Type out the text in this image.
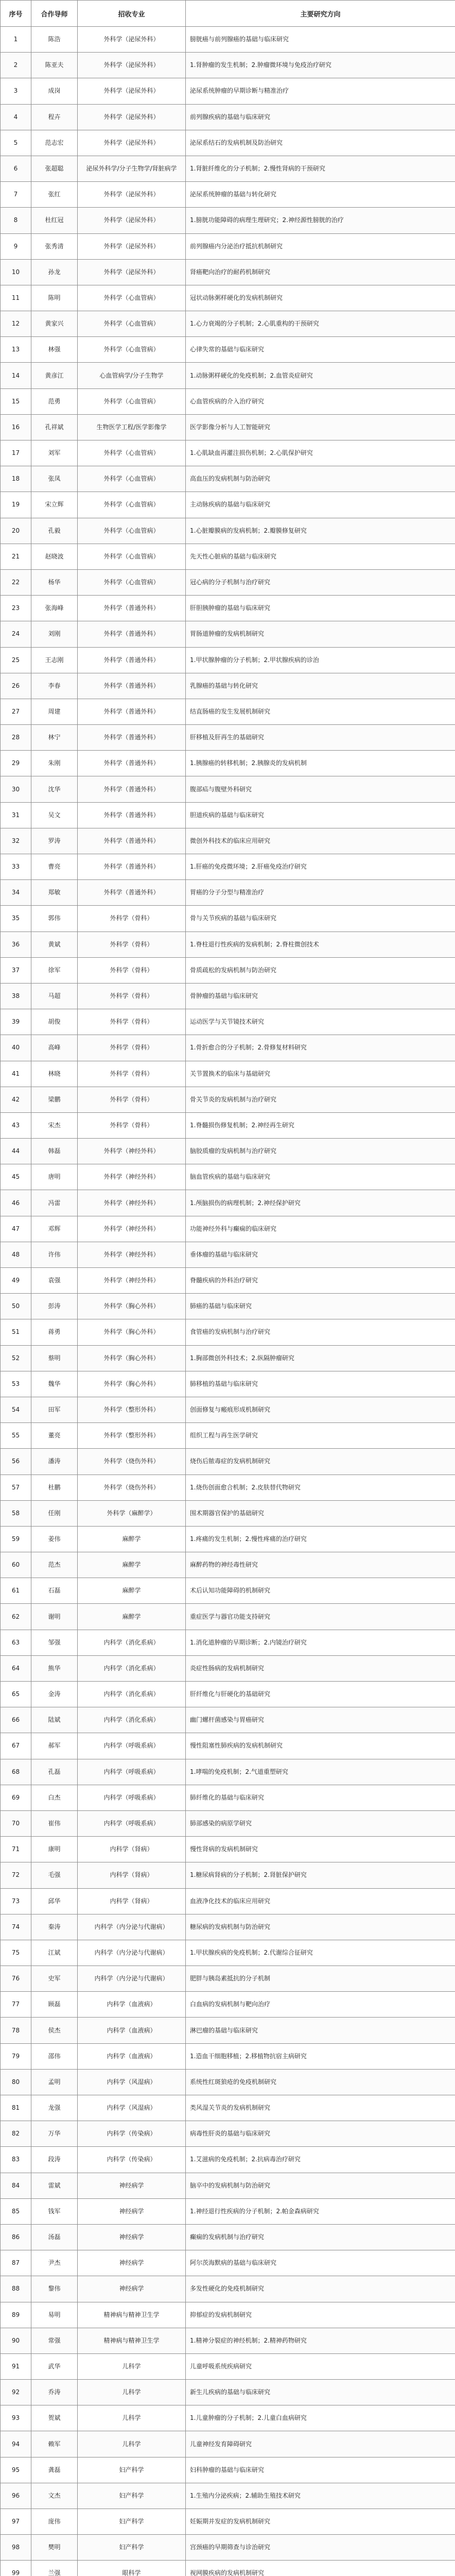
序号	合作导师	招收专业	主要研究方向
1	陈浩	外科学（泌尿外科）	膀胱癌与前列腺癌的基础与临床研究
2	陈亚夫	外科学（泌尿外科）	1.肾肿瘤的发生机制；2.肿瘤微环境与免疫治疗研究
3	成岗	外科学（泌尿外科）	泌尿系统肿瘤的早期诊断与精准治疗
4	程卉	外科学（泌尿外科）	前列腺疾病的基础与临床研究
5	范志宏	外科学（泌尿外科）	泌尿系结石的发病机制及防治研究
6	张超聪	泌尿外科学/分子生物学/肾脏病学	1.肾脏纤维化的分子机制；2.慢性肾病的干预研究
7	张红	外科学（泌尿外科）	泌尿系统肿瘤的基础与转化研究
8	杜红冠	外科学（泌尿外科）	1.膀胱功能障碍的病理生理研究；2.神经源性膀胱的治疗
9	张秀清	外科学（泌尿外科）	前列腺癌内分泌治疗抵抗机制研究
10	孙龙	外科学（泌尿外科）	肾癌靶向治疗的耐药机制研究
11	陈明	外科学（心血管病）	冠状动脉粥样硬化的发病机制研究
12	黄家兴	外科学（心血管病）	1.心力衰竭的分子机制；2.心肌重构的干预研究
13	林强	外科学（心血管病）	心律失常的基础与临床研究
14	黄彦江	心血管病学/分子生物学	1.动脉粥样硬化的免疫机制；2.血管炎症研究
15	范勇	外科学（心血管病）	心血管疾病的介入治疗研究
16	孔祥斌	生物医学工程/医学影像学	医学影像分析与人工智能研究
17	刘军	外科学（心血管病）	1.心肌缺血再灌注损伤机制；2.心肌保护研究
18	张凤	外科学（心血管病）	高血压的发病机制与防治研究
19	宋立辉	外科学（心血管病）	主动脉疾病的基础与临床研究
20	孔毅	外科学（心血管病）	1.心脏瓣膜病的发病机制；2.瓣膜修复研究
21	赵晓波	外科学（心血管病）	先天性心脏病的基础与临床研究
22	杨华	外科学（心血管病）	冠心病的分子机制与治疗研究
23	张海峰	外科学（普通外科）	肝胆胰肿瘤的基础与临床研究
24	刘刚	外科学（普通外科）	胃肠道肿瘤的发病机制研究
25	王志刚	外科学（普通外科）	1.甲状腺肿瘤的分子机制；2.甲状腺疾病的诊治
26	李春	外科学（普通外科）	乳腺癌的基础与转化研究
27	周建	外科学（普通外科）	结直肠癌的发生发展机制研究
28	林宁	外科学（普通外科）	肝移植及肝再生的基础研究
29	朱刚	外科学（普通外科）	1.胰腺癌的转移机制；2.胰腺炎的发病机制
30	沈华	外科学（普通外科）	腹部疝与腹壁外科研究
31	吴文	外科学（普通外科）	胆道疾病的基础与临床研究
32	罗涛	外科学（普通外科）	微创外科技术的临床应用研究
33	曹亮	外科学（普通外科）	1.肝癌的免疫微环境；2.肝癌免疫治疗研究
34	郑敏	外科学（普通外科）	胃癌的分子分型与精准治疗
35	郭伟	外科学（骨科）	骨与关节疾病的基础与临床研究
36	黄斌	外科学（骨科）	1.脊柱退行性疾病的发病机制；2.脊柱微创技术
37	徐军	外科学（骨科）	骨质疏松的发病机制与防治研究
38	马超	外科学（骨科）	骨肿瘤的基础与临床研究
39	胡俊	外科学（骨科）	运动医学与关节镜技术研究
40	高峰	外科学（骨科）	1.骨折愈合的分子机制；2.骨修复材料研究
41	林晓	外科学（骨科）	关节置换术的临床与基础研究
42	梁鹏	外科学（骨科）	骨关节炎的发病机制与治疗研究
43	宋杰	外科学（骨科）	1.脊髓损伤修复机制；2.神经再生研究
44	韩磊	外科学（神经外科）	脑胶质瘤的发病机制与治疗研究
45	唐明	外科学（神经外科）	脑血管疾病的基础与临床研究
46	冯雷	外科学（神经外科）	1.颅脑损伤的病理机制；2.神经保护研究
47	邓辉	外科学（神经外科）	功能神经外科与癫痫的临床研究
48	许伟	外科学（神经外科）	垂体瘤的基础与临床研究
49	袁强	外科学（神经外科）	脊髓疾病的外科治疗研究
50	彭涛	外科学（胸心外科）	肺癌的基础与临床研究
51	蒋勇	外科学（胸心外科）	食管癌的发病机制与治疗研究
52	蔡明	外科学（胸心外科）	1.胸部微创外科技术；2.纵隔肿瘤研究
53	魏华	外科学（胸心外科）	肺移植的基础与临床研究
54	田军	外科学（整形外科）	创面修复与瘢痕形成机制研究
55	董亮	外科学（整形外科）	组织工程与再生医学研究
56	潘涛	外科学（烧伤外科）	烧伤后脓毒症的发病机制研究
57	杜鹏	外科学（烧伤外科）	1.烧伤创面愈合机制；2.皮肤替代物研究
58	任刚	外科学（麻醉学）	围术期器官保护的基础研究
59	姜伟	麻醉学	1.疼痛的发生机制；2.慢性疼痛的治疗研究
60	范杰	麻醉学	麻醉药物的神经毒性研究
61	石磊	麻醉学	术后认知功能障碍的机制研究
62	谢明	麻醉学	重症医学与器官功能支持研究
63	邹强	内科学（消化系病）	1.消化道肿瘤的早期诊断；2.内镜治疗研究
64	熊华	内科学（消化系病）	炎症性肠病的发病机制研究
65	金涛	内科学（消化系病）	肝纤维化与肝硬化的基础研究
66	陆斌	内科学（消化系病）	幽门螺杆菌感染与胃癌研究
67	郝军	内科学（呼吸系病）	慢性阻塞性肺疾病的发病机制研究
68	孔磊	内科学（呼吸系病）	1.哮喘的免疫机制；2.气道重塑研究
69	白杰	内科学（呼吸系病）	肺纤维化的基础与临床研究
70	崔伟	内科学（呼吸系病）	肺部感染的病原学研究
71	康明	内科学（肾病）	慢性肾病的发病机制研究
72	毛强	内科学（肾病）	1.糖尿病肾病的分子机制；2.肾脏保护研究
73	邱华	内科学（肾病）	血液净化技术的临床应用研究
74	秦涛	内科学（内分泌与代谢病）	糖尿病的发病机制与防治研究
75	江斌	内科学（内分泌与代谢病）	1.甲状腺疾病的免疫机制；2.代谢综合征研究
76	史军	内科学（内分泌与代谢病）	肥胖与胰岛素抵抗的分子机制
77	顾磊	内科学（血液病）	白血病的发病机制与靶向治疗
78	侯杰	内科学（血液病）	淋巴瘤的基础与临床研究
79	邵伟	内科学（血液病）	1.造血干细胞移植；2.移植物抗宿主病研究
80	孟明	内科学（风湿病）	系统性红斑狼疮的免疫机制研究
81	龙强	内科学（风湿病）	类风湿关节炎的发病机制研究
82	万华	内科学（传染病）	病毒性肝炎的基础与临床研究
83	段涛	内科学（传染病）	1.艾滋病的免疫机制；2.抗病毒治疗研究
84	雷斌	神经病学	脑卒中的发病机制与防治研究
85	钱军	神经病学	1.神经退行性疾病的分子机制；2.帕金森病研究
86	汤磊	神经病学	癫痫的发病机制与治疗研究
87	尹杰	神经病学	阿尔茨海默病的基础与临床研究
88	黎伟	神经病学	多发性硬化的免疫机制研究
89	易明	精神病与精神卫生学	抑郁症的发病机制研究
90	常强	精神病与精神卫生学	1.精神分裂症的神经机制；2.精神药物研究
91	武华	儿科学	儿童呼吸系统疾病研究
92	乔涛	儿科学	新生儿疾病的基础与临床研究
93	贺斌	儿科学	1.儿童肿瘤的分子机制；2.儿童白血病研究
94	赖军	儿科学	儿童神经发育障碍研究
95	龚磊	妇产科学	妇科肿瘤的基础与临床研究
96	文杰	妇产科学	1.生殖内分泌疾病；2.辅助生殖技术研究
97	庞伟	妇产科学	妊娠期并发症的发病机制研究
98	樊明	妇产科学	宫颈癌的早期筛查与诊治研究
99	兰强	眼科学	视网膜疾病的发病机制研究
